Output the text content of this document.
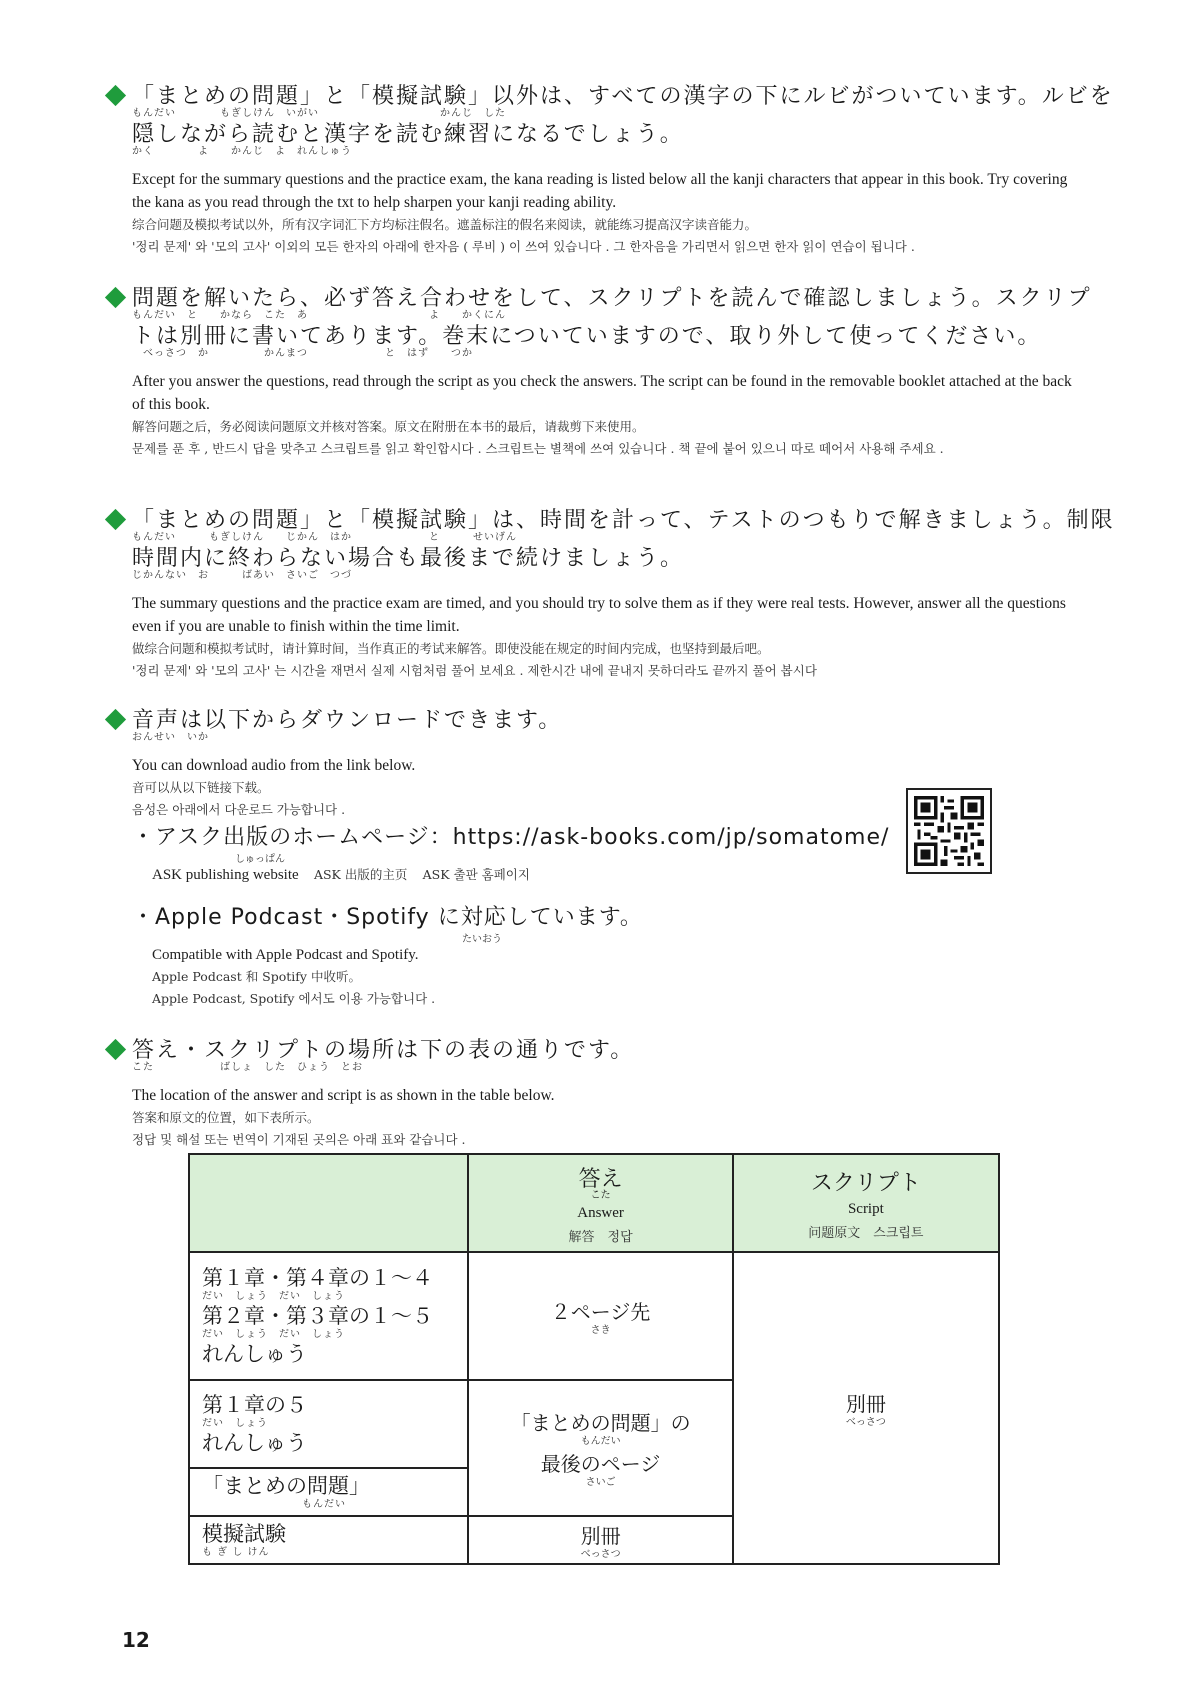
「まとめの問題」と「模擬試験」以外は、すべての漢字の下にルビがついています。ルビを
もんだい　　　　もぎしけん　いがい　　　　　　　　　　　かんじ　した
隠しながら読むと漢字を読む練習になるでしょう。
かく　　　　よ　　かんじ　よ　れんしゅう
Except for the summary questions and the practice exam, the kana reading is listed below all the kanji characters that appear in this book. Try covering the kana as you read through the txt to help sharpen your kanji reading ability.
综合问题及模拟考试以外，所有汉字词汇下方均标注假名。遮盖标注的假名来阅读，就能练习提高汉字读音能力。
'정리 문제' 와 '모의 고사' 이외의 모든 한자의 아래에 한자음 ( 루비 ) 이 쓰여 있습니다 . 그 한자음을 가리면서 읽으면 한자 읽이 연습이 됩니다 .
問題を解いたら、必ず答え合わせをして、スクリプトを読んで確認しましょう。スクリプ
もんだい　と　　かなら　こた　あ　　　　　　　　　　　よ　　かくにん
トは別冊に書いてあります。巻末についていますので、取り外して使ってください。
　べっさつ　か　　　　　かんまつ　　　　　　　と　はず　　つか
After you answer the questions, read through the script as you check the answers. The script can be found in the removable booklet attached at the back of this book.
解答问题之后，务必阅读问题原文并核对答案。原文在附册在本书的最后，请裁剪下来使用。
문제를 푼 후 , 반드시 답을 맞추고 스크립트를 읽고 확인합시다 . 스크립트는 별책에 쓰여 있습니다 . 책 끝에 붙어 있으니 따로 떼어서 사용해 주세요 .
「まとめの問題」と「模擬試験」は、時間を計って、テストのつもりで解きましょう。制限
もんだい　　　もぎしけん　　じかん　はか　　　　　　　と　　　せいげん
時間内に終わらない場合も最後まで続けましょう。
じかんない　お　　　ばあい　さいご　つづ
The summary questions and the practice exam are timed, and you should try to solve them as if they were real tests. However, answer all the questions even if you are unable to finish within the time limit.
做综合问题和模拟考试时，请计算时间，当作真正的考试来解答。即使没能在规定的时间内完成，也坚持到最后吧。
'정리 문제' 와 '모의 고사' 는 시간을 재면서 실제 시험처럼 풀어 보세요 . 제한시간 내에 끝내지 못하더라도 끝까지 풀어 봅시다
音声は以下からダウンロードできます。
おんせい　いか
You can download audio from the link below.
音可以从以下链接下载。
음성은 아래에서 다운로드 가능합니다 .
・アスク出版のホームページ：https://ask-books.com/jp/somatome/
しゅっぱん
ASK publishing website ASK 出版的主页 ASK 출판 홈페이지
・Apple Podcast・Spotify に対応しています。
たいおう
Compatible with Apple Podcast and Spotify.
Apple Podcast 和 Spotify 中收听。
Apple Podcast, Spotify 에서도 이용 가능합니다 .
答え・スクリプトの場所は下の表の通りです。
こた　　　　　　ばしょ　した　ひょう　とお
The location of the answer and script is as shown in the table below.
答案和原文的位置，如下表所示。
정답 및 해설 또는 번역이 기재된 곳의은 아래 표와 같습니다 .

	答え
こた
Answer
解答　정답	スクリプト
Script
问题原文　스크립트

第１章・第４章の１～４
だい　しょう　だい　しょう
第２章・第３章の１～５
だい　しょう　だい　しょう
れんしゅう	２ページ先
さき	別冊
べっさつ

第１章の５
だい　しょう
れんしゅう	「まとめの問題」の
もんだい
最後のページ
さいご	

「まとめの問題」
もんだい		

模擬試験
も ぎ し けん	別冊
べっさつ	
12
